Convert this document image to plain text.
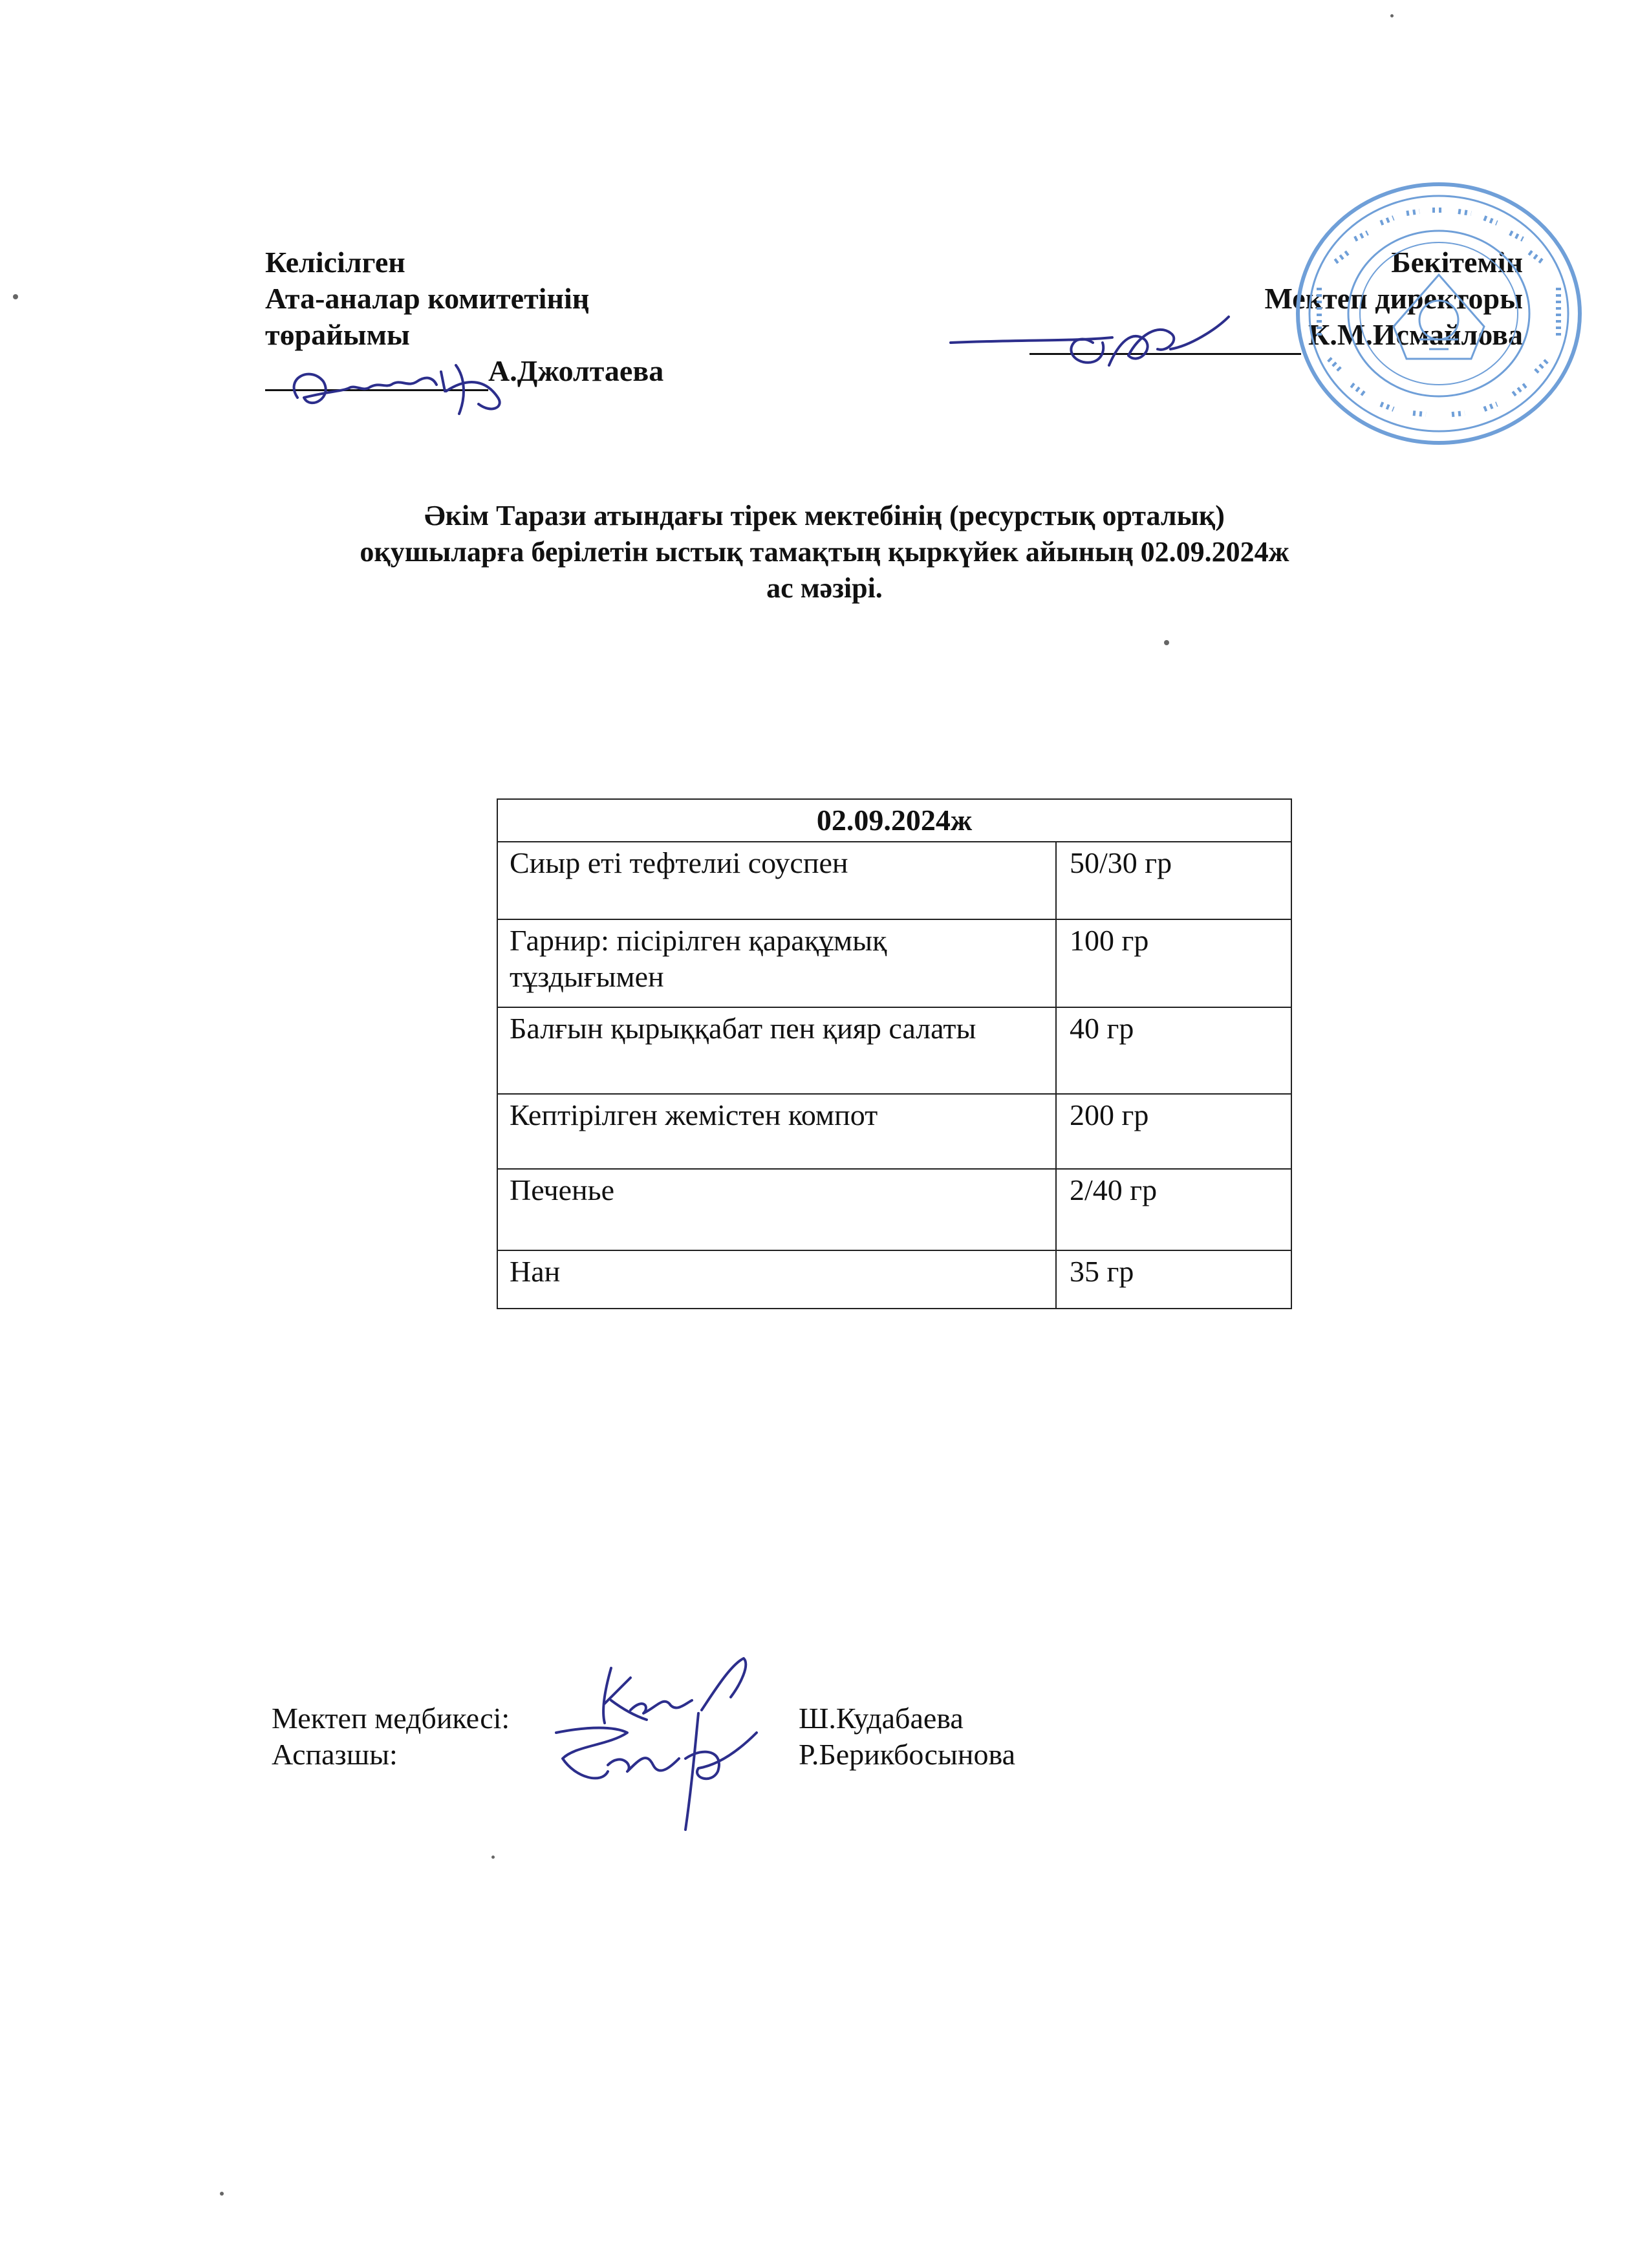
Келісілген
Ата-аналар комитетінің
төрайымы
А.Джолтаева
Бекітемін
Мектеп директоры
К.М.Исмайлова
Әкім Тарази атындағы тірек мектебінің (ресурстық орталық)
оқушыларға берілетін ыстық тамақтың қыркүйек айының 02.09.2024ж
ас мәзірі.
02.09.2024ж	
Сиыр еті тефтелиі соуспен	50/30 гр
Гарнир: пісірілген қарақұмық тұздығымен	100 гр
Балғын қырыққабат пен қияр салаты	40 гр
Кептірілген жемістен компот	200 гр
Печенье	2/40 гр
Нан	35 гр
Мектеп медбикесі:	Ш.Кудабаева
Аспазшы:	Р.Берикбосынова
